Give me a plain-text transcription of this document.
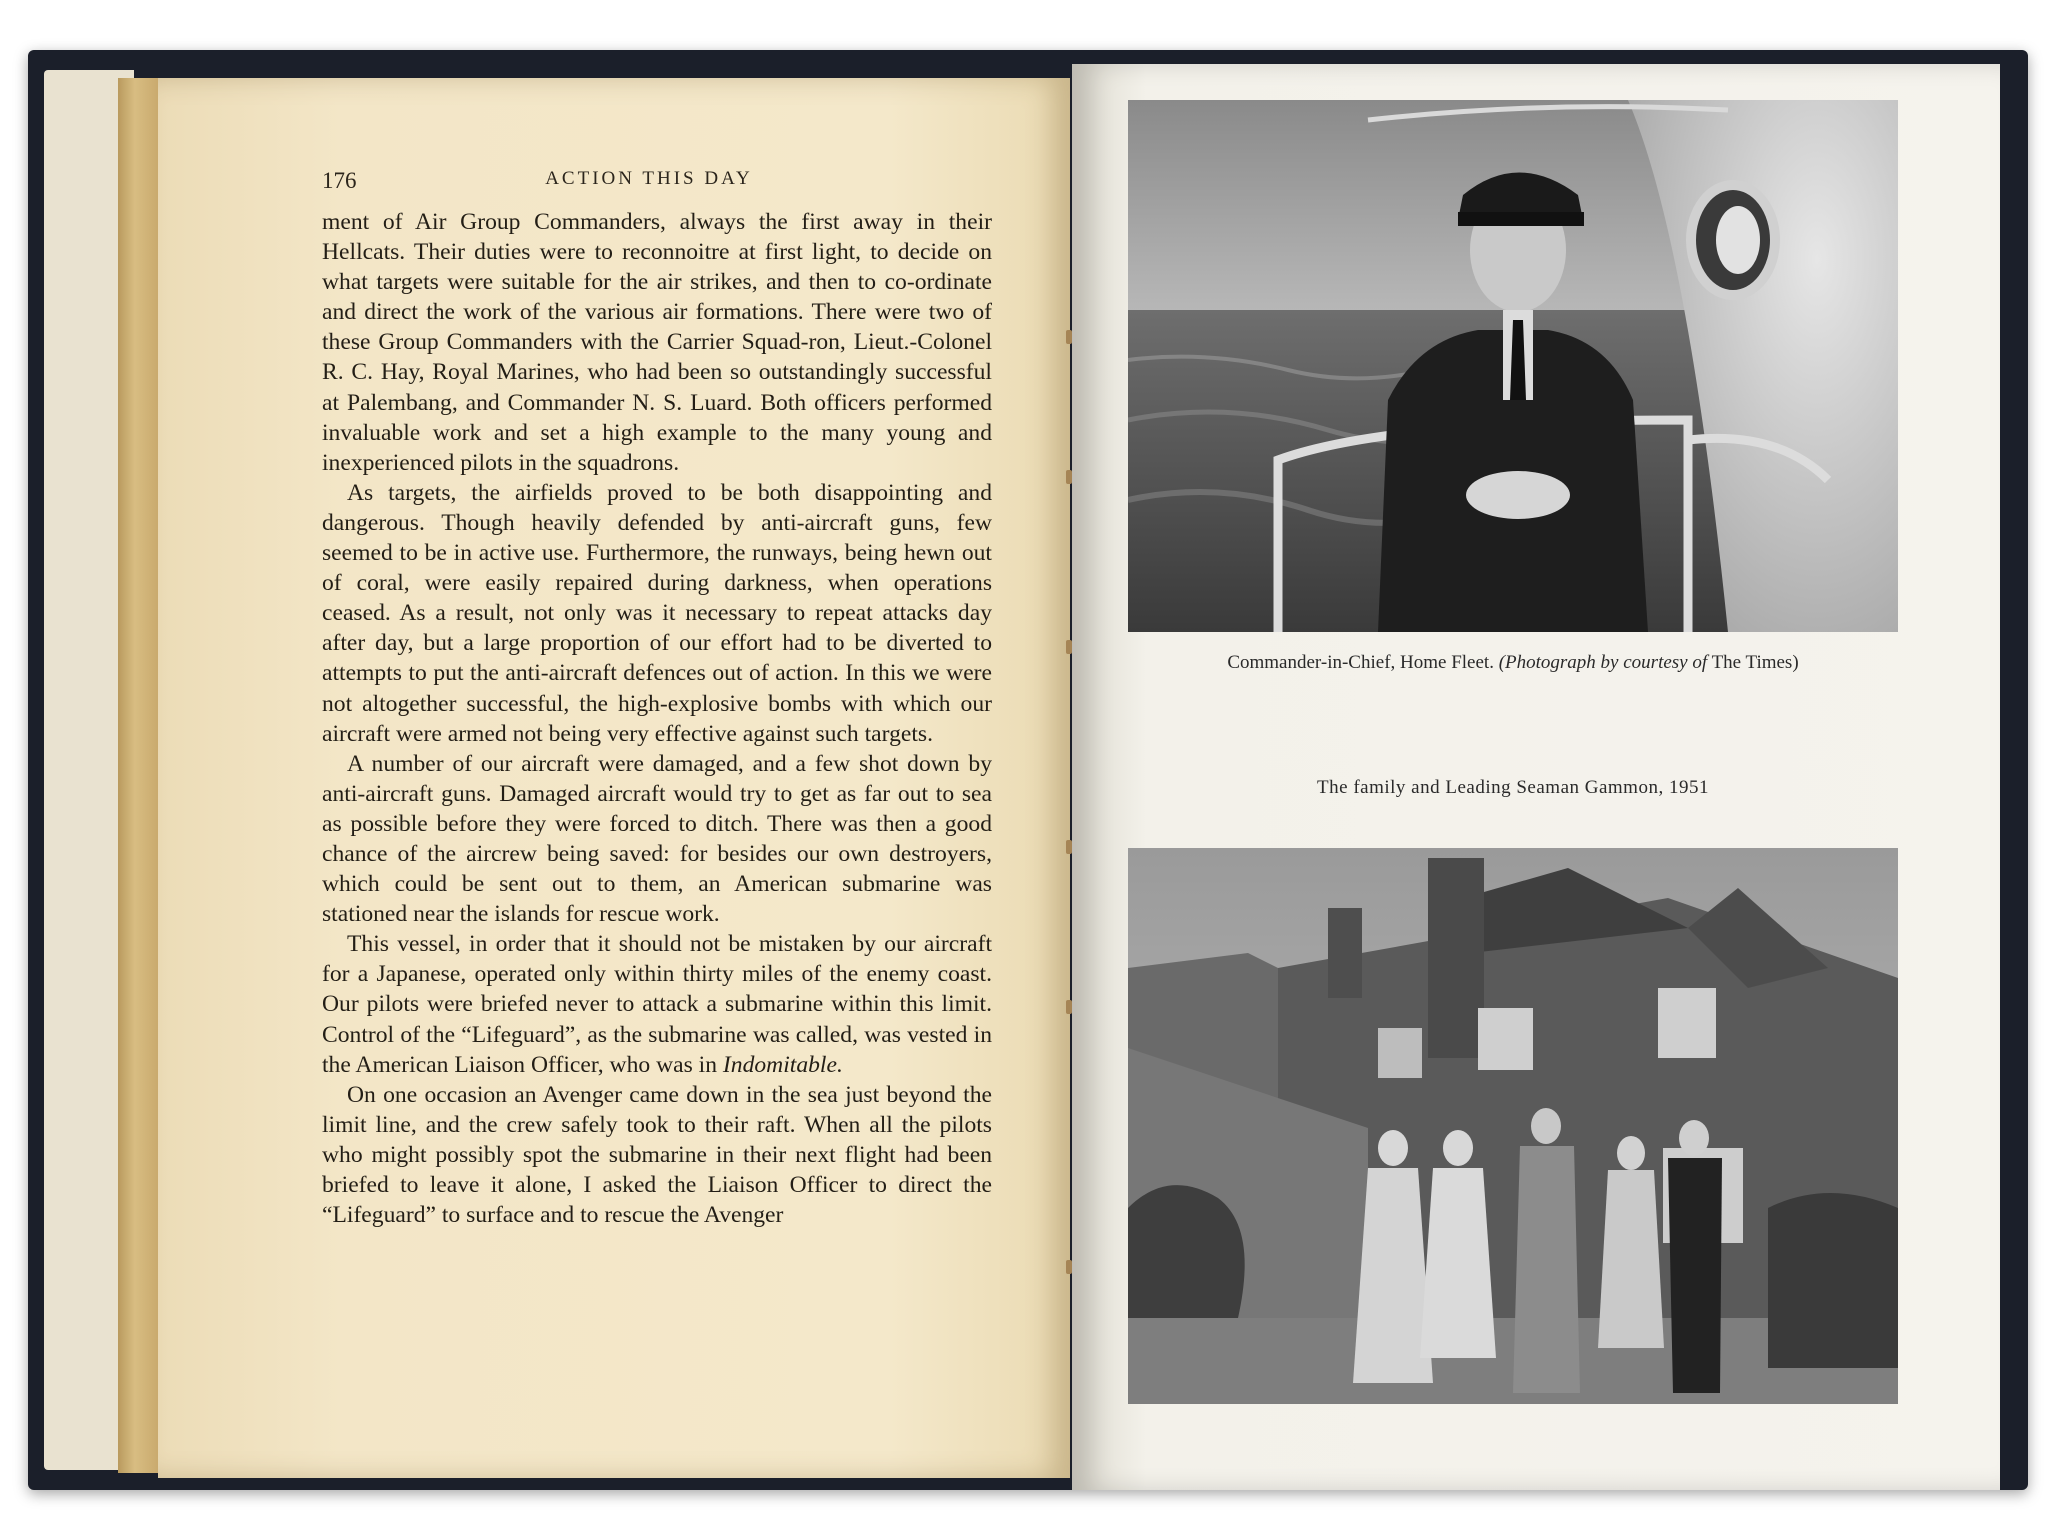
176	ACTION THIS DAY

ment of Air Group Commanders, always the first away in their Hellcats. Their duties were to reconnoitre at first light, to decide on what targets were suitable for the air strikes, and then to co-ordinate and direct the work of the various air formations. There were two of these Group Commanders with the Carrier Squad-ron, Lieut.-Colonel R. C. Hay, Royal Marines, who had been so outstandingly successful at Palembang, and Commander N. S. Luard. Both officers performed invaluable work and set a high example to the many young and inexperienced pilots in the squadrons.

As targets, the airfields proved to be both disappointing and dangerous. Though heavily defended by anti-aircraft guns, few seemed to be in active use. Furthermore, the runways, being hewn out of coral, were easily repaired during darkness, when operations ceased. As a result, not only was it necessary to repeat attacks day after day, but a large proportion of our effort had to be diverted to attempts to put the anti-aircraft defences out of action. In this we were not altogether successful, the high-explosive bombs with which our aircraft were armed not being very effective against such targets.

A number of our aircraft were damaged, and a few shot down by anti-aircraft guns. Damaged aircraft would try to get as far out to sea as possible before they were forced to ditch. There was then a good chance of the aircrew being saved: for besides our own destroyers, which could be sent out to them, an American submarine was stationed near the islands for rescue work.

This vessel, in order that it should not be mistaken by our aircraft for a Japanese, operated only within thirty miles of the enemy coast. Our pilots were briefed never to attack a submarine within this limit. Control of the “Lifeguard”, as the submarine was called, was vested in the American Liaison Officer, who was in Indomitable.

On one occasion an Avenger came down in the sea just beyond the limit line, and the crew safely took to their raft. When all the pilots who might possibly spot the submarine in their next flight had been briefed to leave it alone, I asked the Liaison Officer to direct the “Lifeguard” to surface and to rescue the Avenger

Commander-in-Chief, Home Fleet. (Photograph by courtesy of The Times)
The family and Leading Seaman Gammon, 1951
